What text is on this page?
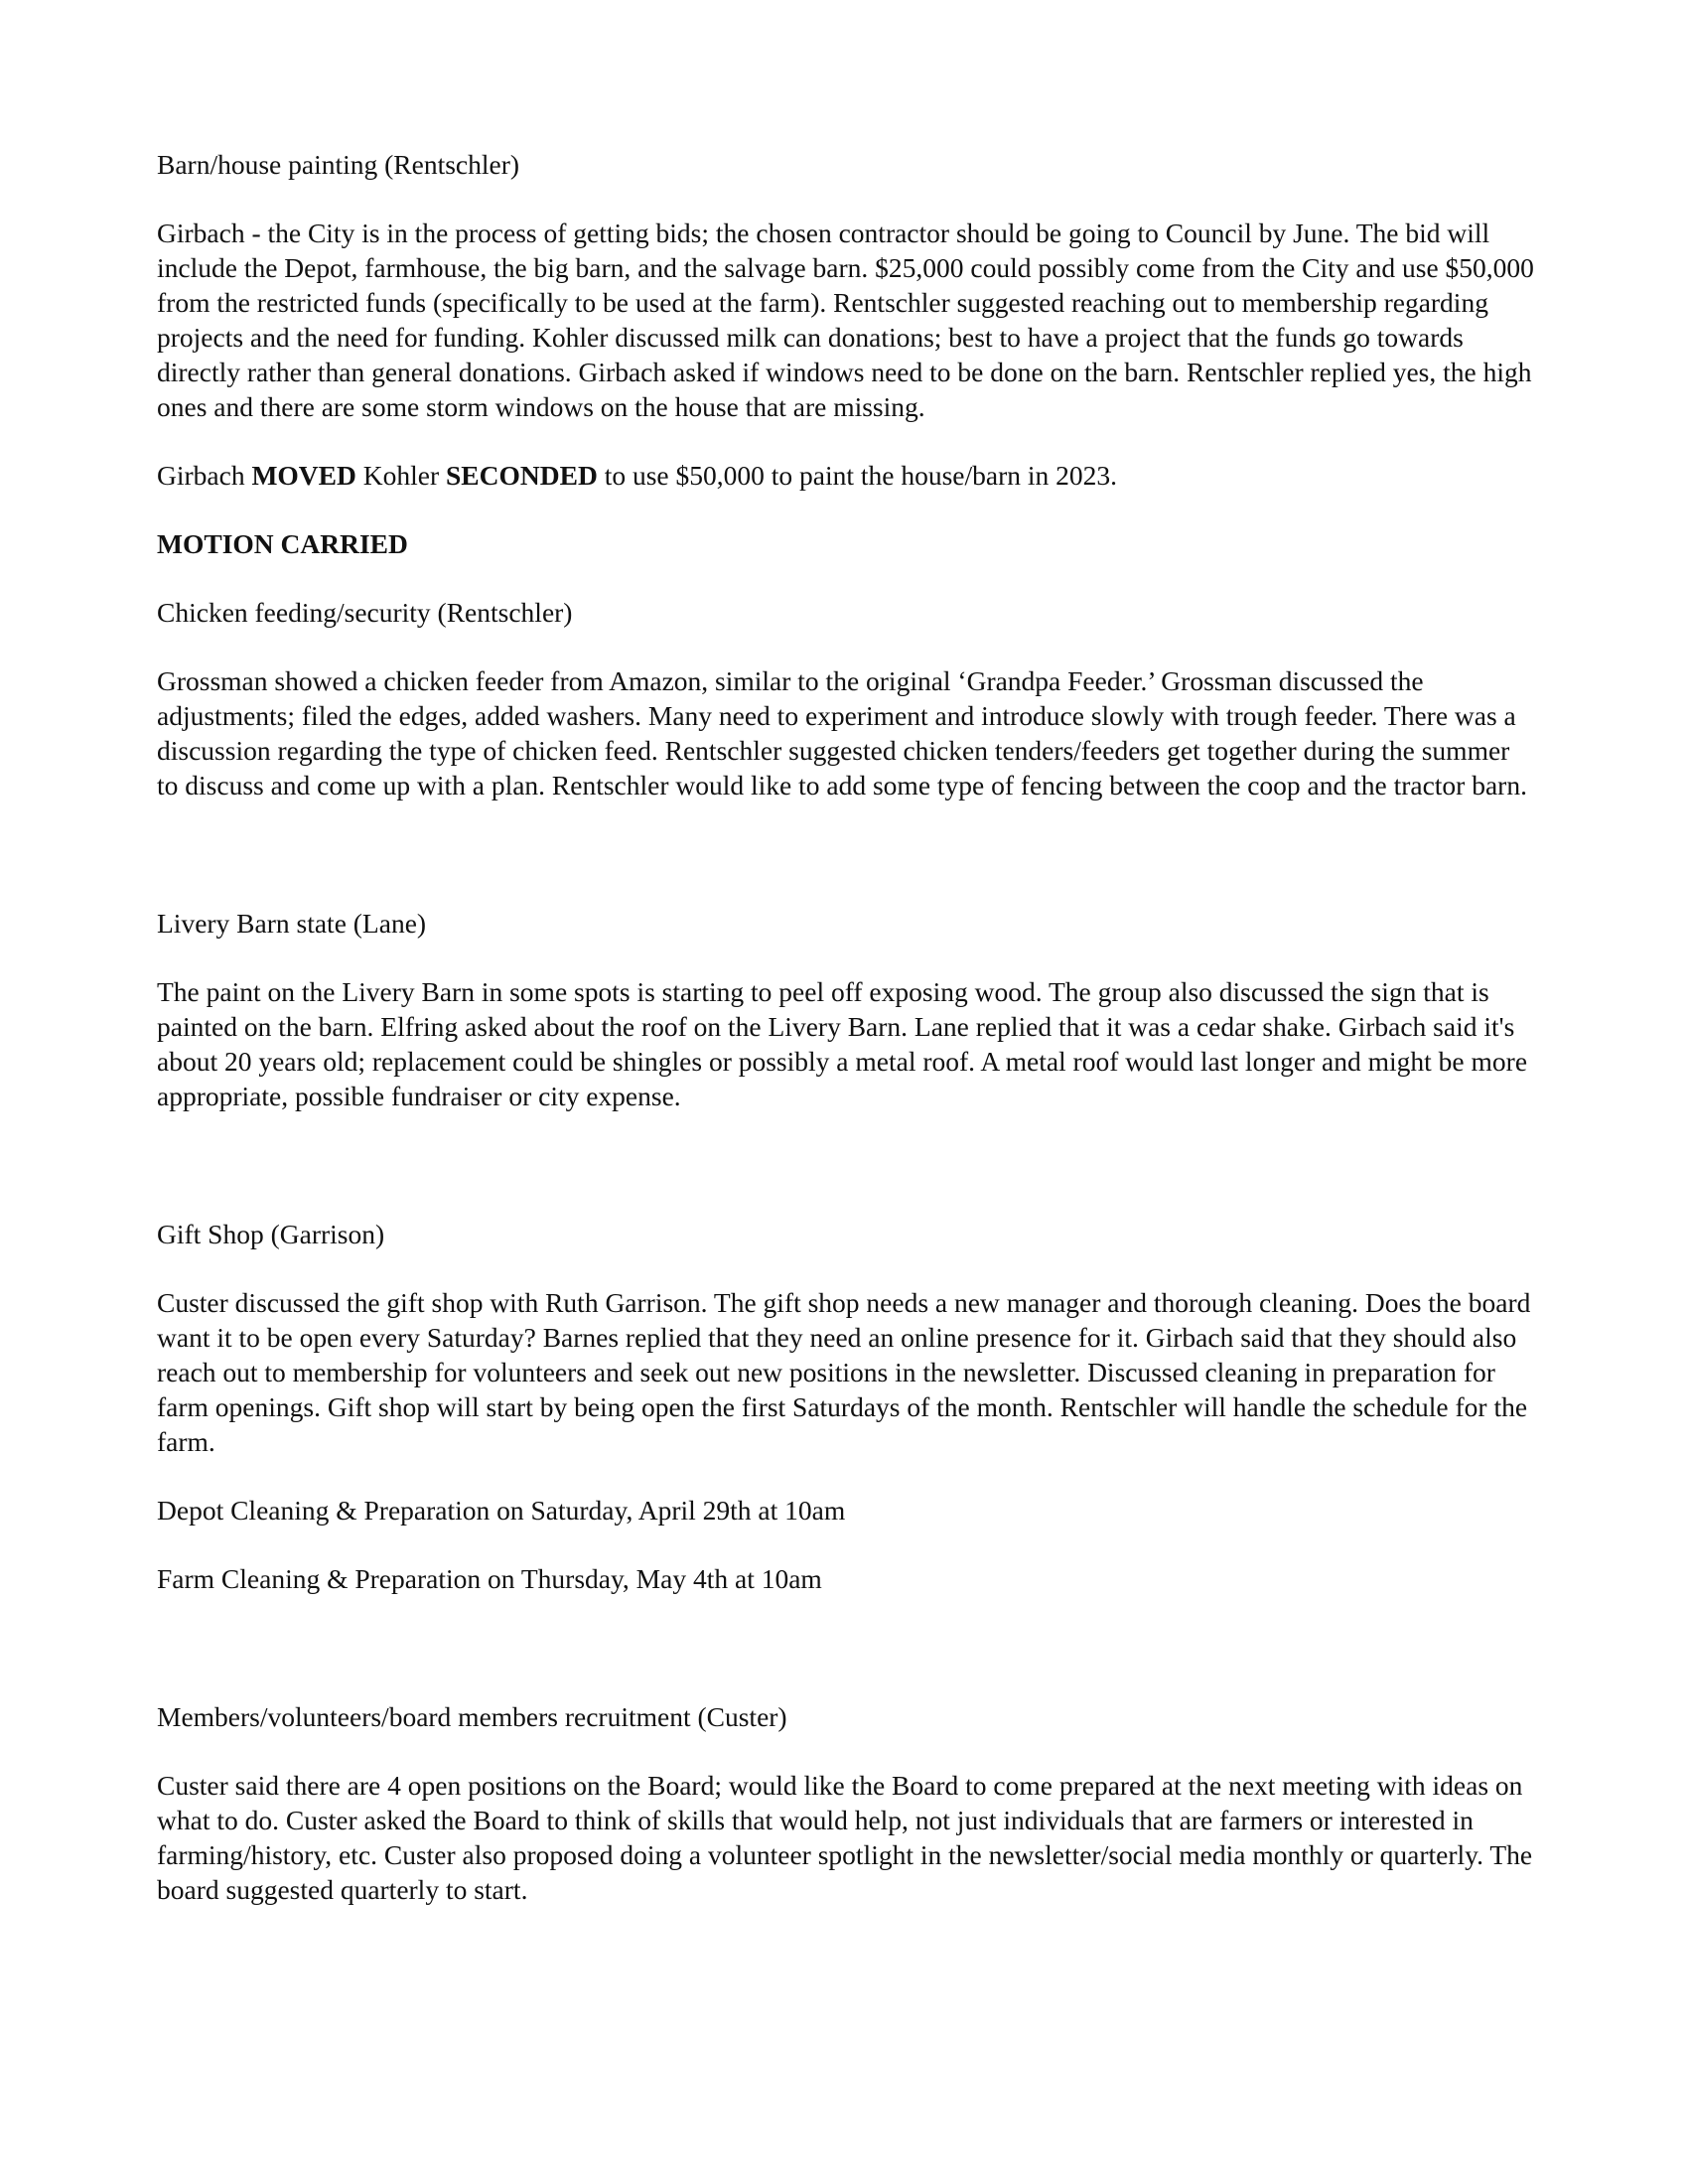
Barn/house painting (Rentschler)

Girbach - the City is in the process of getting bids; the chosen contractor should be going to Council by June. The bid will include the Depot, farmhouse, the big barn, and the salvage barn. $25,000 could possibly come from the City and use $50,000 from the restricted funds (specifically to be used at the farm). Rentschler suggested reaching out to membership regarding projects and the need for funding. Kohler discussed milk can donations; best to have a project that the funds go towards directly rather than general donations. Girbach asked if windows need to be done on the barn. Rentschler replied yes, the high ones and there are some storm windows on the house that are missing.

Girbach MOVED Kohler SECONDED to use $50,000 to paint the house/barn in 2023.

MOTION CARRIED

Chicken feeding/security (Rentschler)

Grossman showed a chicken feeder from Amazon, similar to the original ‘Grandpa Feeder.’ Grossman discussed the adjustments; filed the edges, added washers. Many need to experiment and introduce slowly with trough feeder. There was a discussion regarding the type of chicken feed. Rentschler suggested chicken tenders/feeders get together during the summer to discuss and come up with a plan. Rentschler would like to add some type of fencing between the coop and the tractor barn.

Livery Barn state (Lane)

The paint on the Livery Barn in some spots is starting to peel off exposing wood. The group also discussed the sign that is painted on the barn. Elfring asked about the roof on the Livery Barn. Lane replied that it was a cedar shake. Girbach said it's about 20 years old; replacement could be shingles or possibly a metal roof. A metal roof would last longer and might be more appropriate, possible fundraiser or city expense.

Gift Shop (Garrison)

Custer discussed the gift shop with Ruth Garrison. The gift shop needs a new manager and thorough cleaning. Does the board want it to be open every Saturday? Barnes replied that they need an online presence for it. Girbach said that they should also reach out to membership for volunteers and seek out new positions in the newsletter. Discussed cleaning in preparation for farm openings. Gift shop will start by being open the first Saturdays of the month. Rentschler will handle the schedule for the farm.

Depot Cleaning & Preparation on Saturday, April 29th at 10am

Farm Cleaning & Preparation on Thursday, May 4th at 10am

Members/volunteers/board members recruitment (Custer)

Custer said there are 4 open positions on the Board; would like the Board to come prepared at the next meeting with ideas on what to do. Custer asked the Board to think of skills that would help, not just individuals that are farmers or interested in farming/history, etc. Custer also proposed doing a volunteer spotlight in the newsletter/social media monthly or quarterly. The board suggested quarterly to start.
